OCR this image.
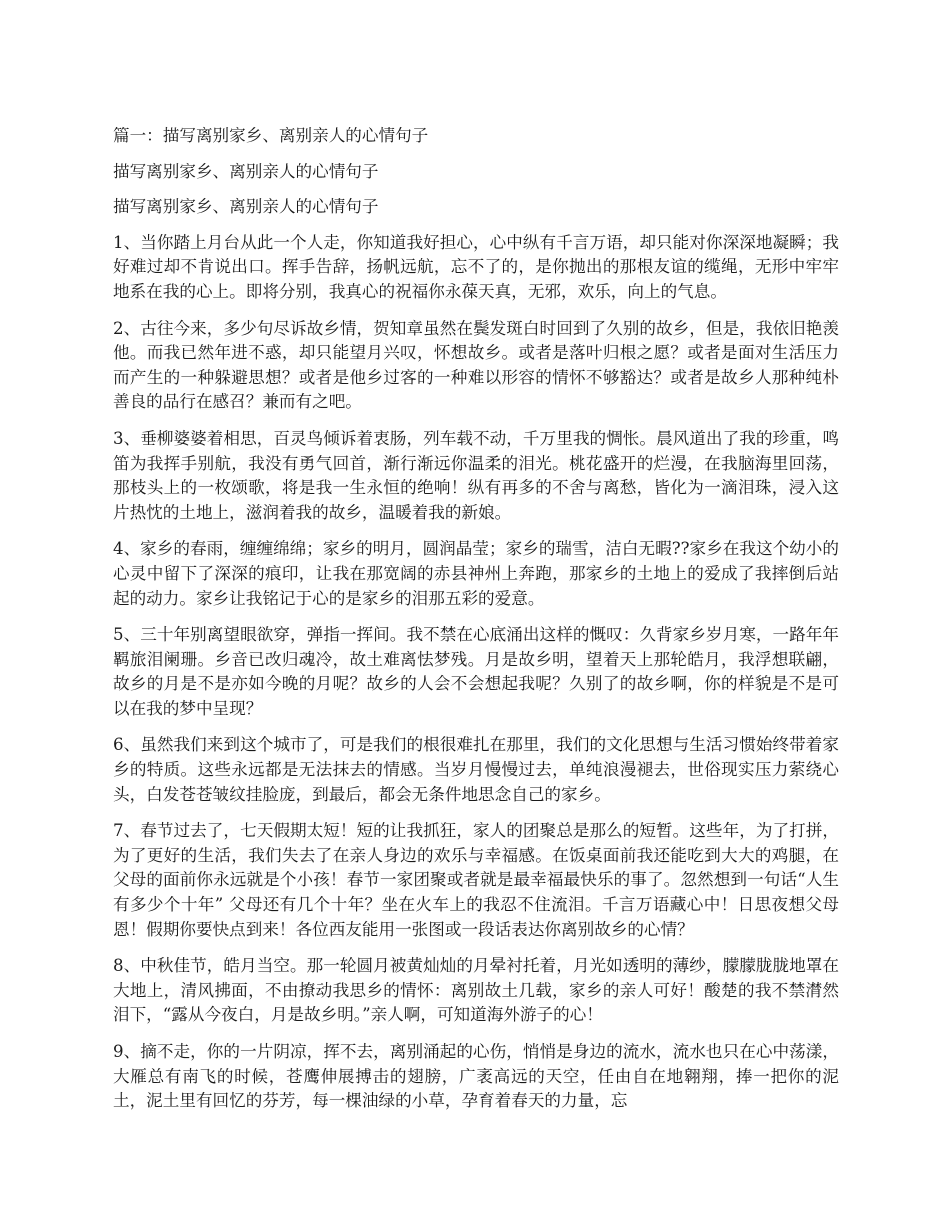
篇一：描写离别家乡、离别亲人的心情句子

描写离别家乡、离别亲人的心情句子

描写离别家乡、离别亲人的心情句子

1、当你踏上月台从此一个人走，你知道我好担心，心中纵有千言万语，却只能对你深深地凝瞬；我好难过却不肯说出口。挥手告辞，扬帆远航，忘不了的，是你抛出的那根友谊的缆绳，无形中牢牢地系在我的心上。即将分别，我真心的祝福你永葆天真，无邪，欢乐，向上的气息。

2、古往今来，多少句尽诉故乡情，贺知章虽然在鬓发斑白时回到了久别的故乡，但是，我依旧艳羡他。而我已然年进不惑，却只能望月兴叹，怀想故乡。或者是落叶归根之愿？或者是面对生活压力而产生的一种躲避思想？或者是他乡过客的一种难以形容的情怀不够豁达？或者是故乡人那种纯朴善良的品行在感召？兼而有之吧。

3、垂柳婆婆着相思，百灵鸟倾诉着衷肠，列车载不动，千万里我的惆怅。晨风道出了我的珍重，鸣笛为我挥手别航，我没有勇气回首，渐行渐远你温柔的泪光。桃花盛开的烂漫，在我脑海里回荡，那枝头上的一枚颂歌，将是我一生永恒的绝响！纵有再多的不舍与离愁，皆化为一滴泪珠，浸入这片热忱的土地上，滋润着我的故乡，温暖着我的新娘。

4、家乡的春雨，缠缠绵绵；家乡的明月，圆润晶莹；家乡的瑞雪，洁白无暇??家乡在我这个幼小的心灵中留下了深深的痕印，让我在那宽阔的赤县神州上奔跑，那家乡的土地上的爱成了我摔倒后站起的动力。家乡让我铭记于心的是家乡的泪那五彩的爱意。

5、三十年别离望眼欲穿，弹指一挥间。我不禁在心底涌出这样的慨叹：久背家乡岁月寒，一路年年羁旅泪阑珊。乡音已改归魂冷，故土难离怯梦残。月是故乡明，望着天上那轮皓月，我浮想联翩，故乡的月是不是亦如今晚的月呢？故乡的人会不会想起我呢？久别了的故乡啊，你的样貌是不是可以在我的梦中呈现？

6、虽然我们来到这个城市了，可是我们的根很难扎在那里，我们的文化思想与生活习惯始终带着家乡的特质。这些永远都是无法抹去的情感。当岁月慢慢过去，单纯浪漫褪去，世俗现实压力萦绕心头，白发苍苍皱纹挂脸庞，到最后，都会无条件地思念自己的家乡。

7、春节过去了，七天假期太短！短的让我抓狂，家人的团聚总是那么的短暂。这些年，为了打拼，为了更好的生活，我们失去了在亲人身边的欢乐与幸福感。在饭桌面前我还能吃到大大的鸡腿，在父母的面前你永远就是个小孩！春节一家团聚或者就是最幸福最快乐的事了。忽然想到一句话“人生有多少个十年” 父母还有几个十年？坐在火车上的我忍不住流泪。千言万语藏心中！日思夜想父母恩！假期你要快点到来！各位西友能用一张图或一段话表达你离别故乡的心情？

8、中秋佳节，皓月当空。那一轮圆月被黄灿灿的月晕衬托着，月光如透明的薄纱，朦朦胧胧地罩在大地上，清风拂面，不由撩动我思乡的情怀：离别故土几载，家乡的亲人可好！酸楚的我不禁潸然泪下，“露从今夜白，月是故乡明。”亲人啊，可知道海外游子的心！

9、摘不走，你的一片阴凉，挥不去，离别涌起的心伤，悄悄是身边的流水，流水也只在心中荡漾，大雁总有南飞的时候，苍鹰伸展搏击的翅膀，广袤高远的天空，任由自在地翱翔，捧一把你的泥土，泥土里有回忆的芬芳，每一棵油绿的小草，孕育着春天的力量，忘
